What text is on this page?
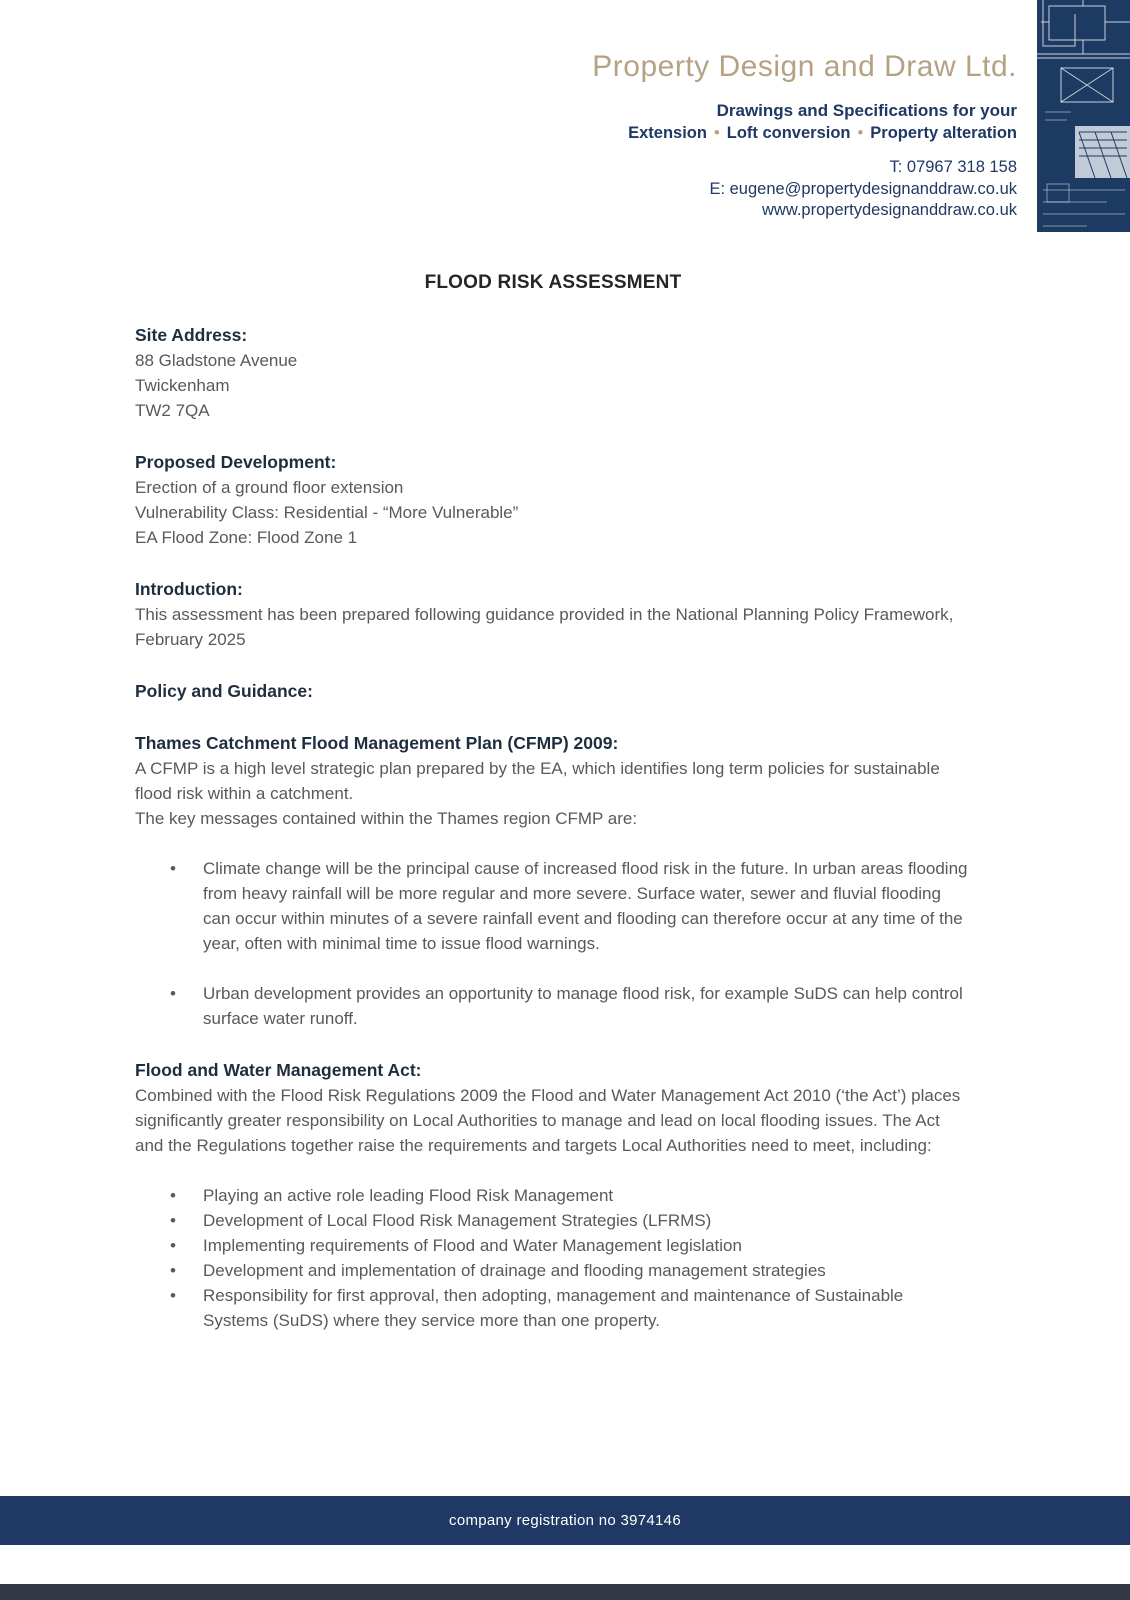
Property Design and Draw Ltd.
Drawings and Specifications for your
Extension • Loft conversion • Property alteration
T: 07967 318 158
E: eugene@propertydesignanddraw.co.uk
www.propertydesignanddraw.co.uk
FLOOD RISK ASSESSMENT
Site Address:

88 Gladstone Avenue

Twickenham

TW2 7QA

Proposed Development:

Erection of a ground floor extension

Vulnerability Class: Residential - “More Vulnerable”

EA Flood Zone: Flood Zone 1

Introduction:

This assessment has been prepared following guidance provided in the National Planning Policy Framework, February 2025

Policy and Guidance:
Thames Catchment Flood Management Plan (CFMP) 2009:

A CFMP is a high level strategic plan prepared by the EA, which identifies long term policies for sustainable flood risk within a catchment.

The key messages contained within the Thames region CFMP are:

• Climate change will be the principal cause of increased flood risk in the future. In urban areas flooding from heavy rainfall will be more regular and more severe. Surface water, sewer and fluvial flooding can occur within minutes of a severe rainfall event and flooding can therefore occur at any time of the year, often with minimal time to issue flood warnings.
• Urban development provides an opportunity to manage flood risk, for example SuDS can help control surface water runoff.
Flood and Water Management Act:

Combined with the Flood Risk Regulations 2009 the Flood and Water Management Act 2010 (‘the Act’) places significantly greater responsibility on Local Authorities to manage and lead on local flooding issues. The Act and the Regulations together raise the requirements and targets Local Authorities need to meet, including:

• Playing an active role leading Flood Risk Management
• Development of Local Flood Risk Management Strategies (LFRMS)
• Implementing requirements of Flood and Water Management legislation
• Development and implementation of drainage and flooding management strategies
• Responsibility for first approval, then adopting, management and maintenance of Sustainable Systems (SuDS) where they service more than one property.
company registration no 3974146
